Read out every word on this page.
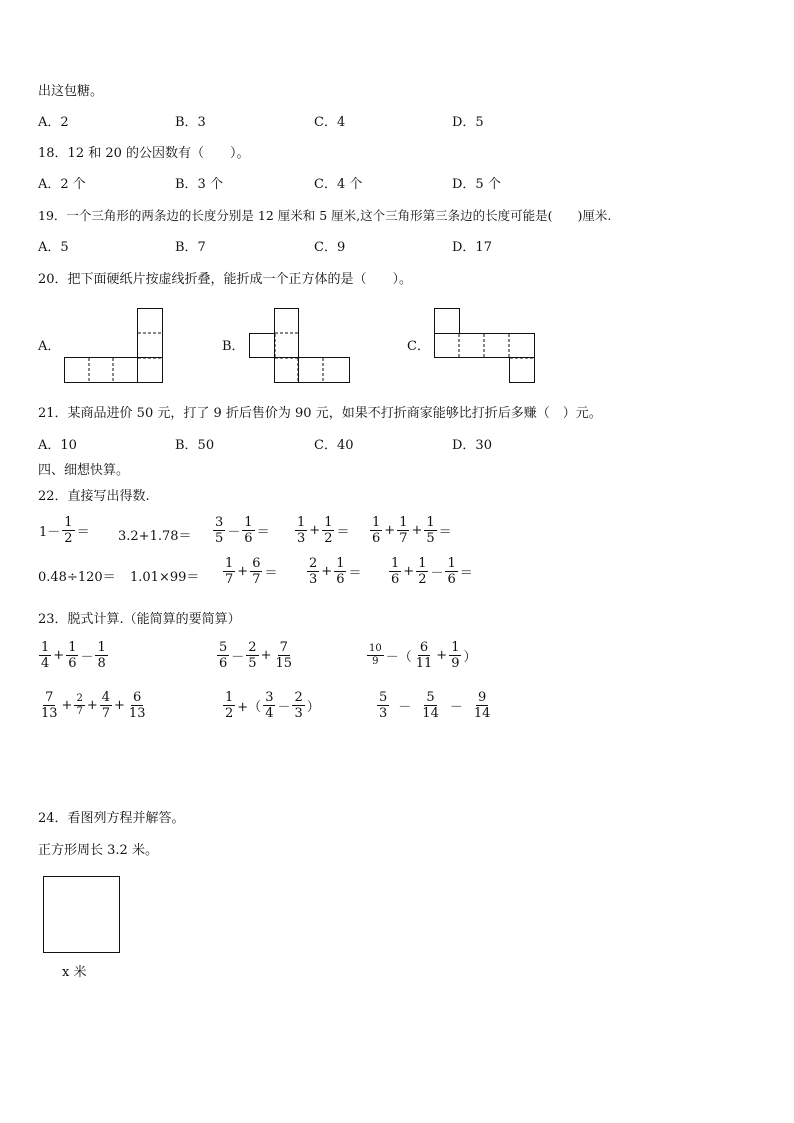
出这包糖。
A．2	B．3	C．4	D．5
18．12 和 20 的公因数有（　　）。
A．2 个	B．3 个	C．4 个	D．5 个
19．一个三角形的两条边的长度分别是 12 厘米和 5 厘米,这个三角形第三条边的长度可能是(　　)厘米.
A．5	B．7	C．9	D．17
20．把下面硬纸片按虚线折叠，能折成一个正方体的是（　　）。
A．	B．	C．
21．某商品进价 50 元，打了 9 折后售价为 90 元，如果不打折商家能够比打折后多赚（　）元。
A．10	B．50	C．40	D．30
四、细想快算。
22．直接写出得数.
$1- \frac{1}{2} = 3.2+1.78= \frac{3}{5} - \frac{1}{6} = \frac{1}{3} + \frac{1}{2} = \frac{1}{6} + \frac{1}{7} + \frac{1}{5}$ ＝
$0.48\div 120= 1.01\times 99= \frac{1}{7} + \frac{6}{7} = \frac{2}{3} + \frac{1}{6} = \frac{1}{6} + \frac{1}{2} - \frac{1}{6}$ ＝
23．脱式计算.（能简算的要简算）
$\frac{1}{4} + \frac{1}{6} - \frac{1}{8}$	$\frac{5}{6} - \frac{2}{5} + \frac{7}{15}$	$\frac{10}{9}$ －（ $\frac{6}{11} + \frac{1}{9}$ ）
$\frac{7}{13} + \frac{2}{7} + \frac{4}{7} + \frac{6}{13}$	$\frac{1}{2}$ +（ $\frac{3}{4} - \frac{2}{3}$ ）	$\frac{5}{3} - \frac{5}{14} - \frac{9}{14}$
24．看图列方程并解答。
正方形周长 3.2 米。
x 米
